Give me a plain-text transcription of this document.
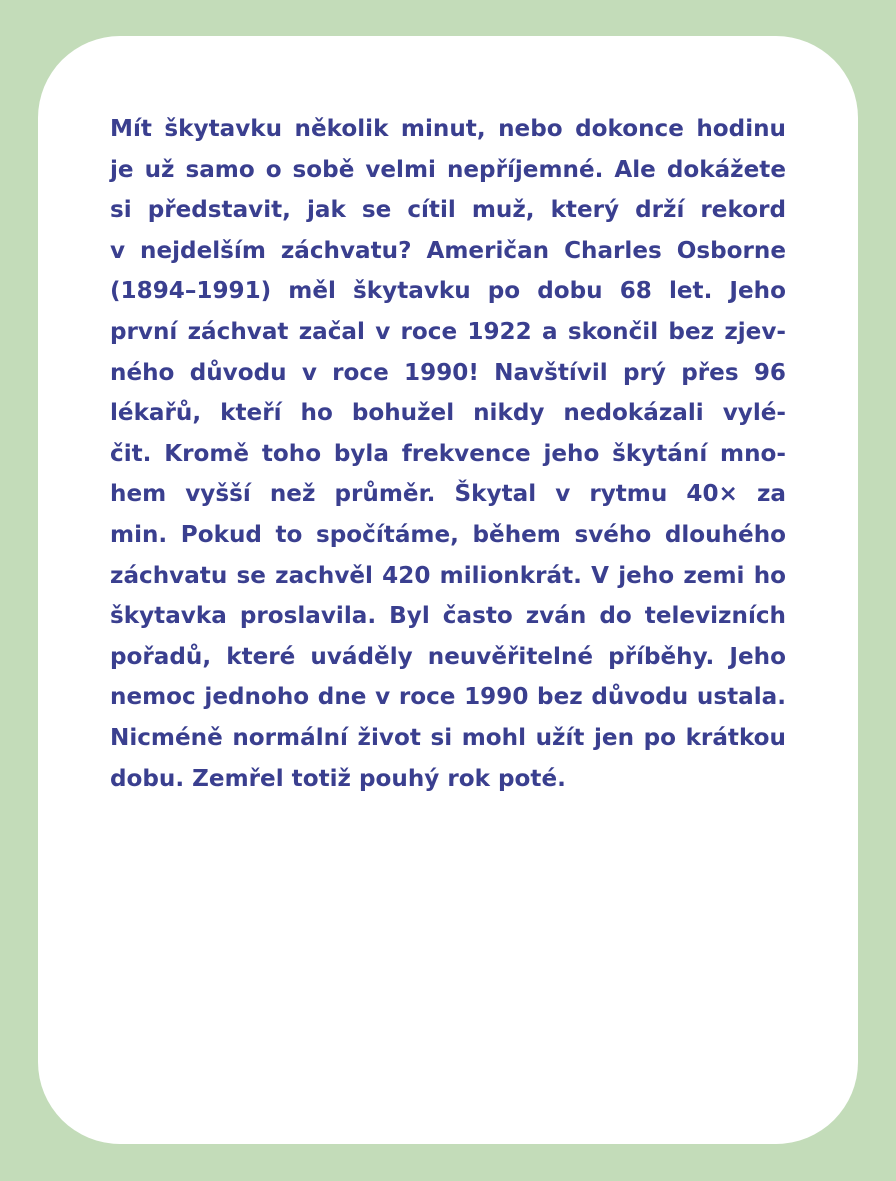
Mít škytavku několik minut, nebo dokonce hodinu
je už samo o sobě velmi nepříjemné. Ale dokážete
si představit, jak se cítil muž, který drží rekord
v nejdelším záchvatu? Američan Charles Osborne
(1894–1991) měl škytavku po dobu 68 let. Jeho
první záchvat začal v roce 1922 a skončil bez zjev-
ného důvodu v roce 1990! Navštívil prý přes 96
lékařů, kteří ho bohužel nikdy nedokázali vylé-
čit. Kromě toho byla frekvence jeho škytání mno-
hem vyšší než průměr. Škytal v rytmu 40× za
min. Pokud to spočítáme, během svého dlouhého
záchvatu se zachvěl 420 milionkrát. V jeho zemi ho
škytavka proslavila. Byl často zván do televizních
pořadů, které uváděly neuvěřitelné příběhy. Jeho
nemoc jednoho dne v roce 1990 bez důvodu ustala.
Nicméně normální život si mohl užít jen po krátkou
dobu. Zemřel totiž pouhý rok poté.
